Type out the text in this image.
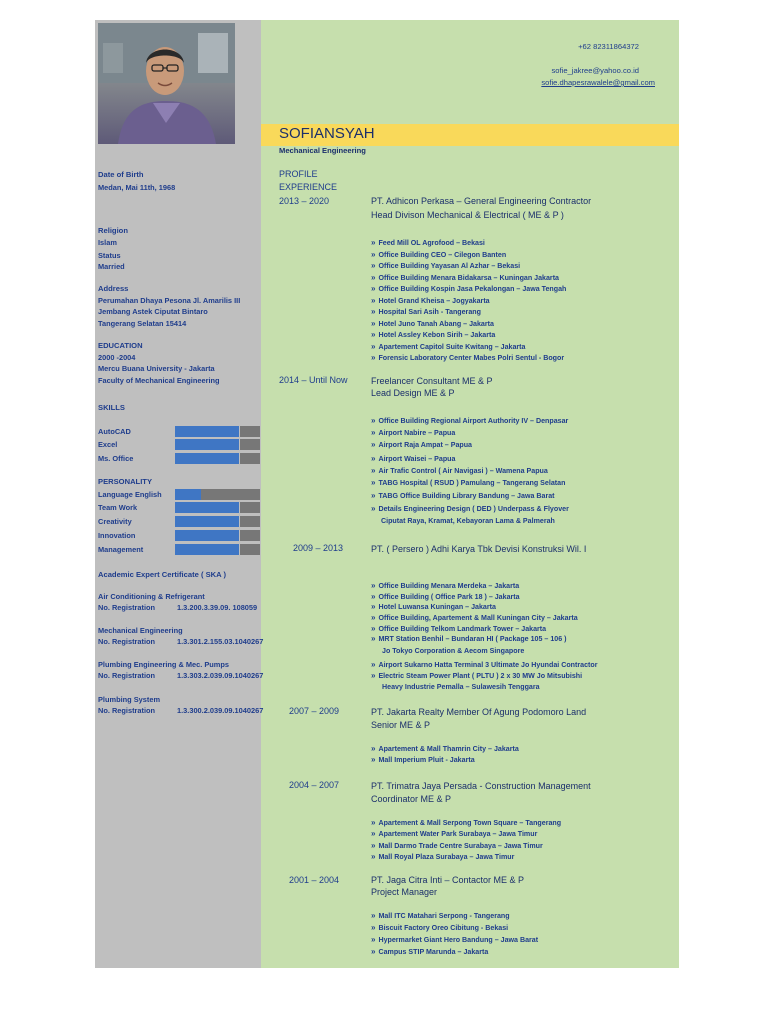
Date of Birth
Medan, Mai 11th, 1968
Religion
Islam
Status
Married
Address
Perumahan Dhaya Pesona Jl. Amarilis III
Jembang Astek Ciputat Bintaro
Tangerang Selatan 15414
EDUCATION
2000 -2004
Mercu Buana University - Jakarta
Faculty of Mechanical Engineering
SKILLS
PERSONALITY
Academic Expert Certificate ( SKA )
AutoCAD
Excel
Ms. Office
Language English
Team Work
Creativity
Innovation
Management
Air Conditioning & Refrigerant
No. Registration	1.3.200.3.39.09. 108059
Mechanical Engineering
No. Registration	1.3.301.2.155.03.1040267
Plumbing Engineering & Mec. Pumps
No. Registration	1.3.303.2.039.09.1040267
Plumbing System
No. Registration	1.3.300.2.039.09.1040267
SOFIANSYAH
Mechanical Engineering
+62 82311864372
sofie_jakree@yahoo.co.id
sofie.dhapesrawalele@gmail.com
PROFILE
EXPERIENCE
2013 – 2020	PT. Adhicon Perkasa – General Engineering Contractor
Head Divison Mechanical & Electrical ( ME & P )
» Feed Mill OL Agrofood – Bekasi
» Office Building CEO – Cilegon Banten
» Office Building Yayasan Al Azhar – Bekasi
» Office Building Menara Bidakarsa – Kuningan Jakarta
» Office Building Kospin Jasa Pekalongan – Jawa Tengah
» Hotel Grand Kheisa – Jogyakarta
» Hospital Sari Asih - Tangerang
» Hotel Juno Tanah Abang – Jakarta
» Hotel Assley Kebon Sirih – Jakarta
» Apartement Capitol Suite Kwitang – Jakarta
» Forensic Laboratory Center Mabes Polri Sentul - Bogor
2014 – Until Now	Freelancer Consultant ME & P
Lead Design ME & P
» Office Building Regional Airport Authority IV – Denpasar
» Airport Nabire – Papua
» Airport Raja Ampat – Papua
» Airport Waisei – Papua
» Air Trafic Control ( Air Navigasi ) – Wamena Papua
» TABG Hospital ( RSUD ) Pamulang – Tangerang Selatan
» TABG Office Building Library Bandung – Jawa Barat
» Details Engineering Design ( DED ) Underpass & Flyover
Ciputat Raya, Kramat, Kebayoran Lama & Palmerah
2009 – 2013	PT. ( Persero ) Adhi Karya Tbk Devisi Konstruksi Wil. I
» Office Building Menara Merdeka – Jakarta
» Office Building ( Office Park 18 ) – Jakarta
» Hotel Luwansa Kuningan – Jakarta
» Office Building, Apartement & Mall Kuningan City – Jakarta
» Office Building Telkom Landmark Tower – Jakarta
» MRT Station Benhil – Bundaran HI ( Package 105 – 106 )
Jo Tokyo Corporation & Aecom Singapore
» Airport Sukarno Hatta Terminal 3 Ultimate Jo Hyundai Contractor
» Electric Steam Power Plant ( PLTU ) 2 x 30 MW Jo Mitsubishi
Heavy Industrie Pemalla – Sulawesih Tenggara
2007 – 2009	PT. Jakarta Realty Member Of Agung Podomoro Land
Senior ME & P
» Apartement & Mall Thamrin City – Jakarta
» Mall Imperium Pluit - Jakarta
2004 – 2007	PT. Trimatra Jaya Persada - Construction Management
Coordinator ME & P
» Apartement & Mall Serpong Town Square – Tangerang
» Apartement Water Park Surabaya – Jawa Timur
» Mall Darmo Trade Centre Surabaya – Jawa Timur
» Mall Royal Plaza Surabaya – Jawa Timur
2001 – 2004	PT. Jaga Citra Inti – Contactor ME & P
Project Manager
» Mall ITC Matahari Serpong - Tangerang
» Biscuit Factory Oreo Cibitung - Bekasi
» Hypermarket Giant Hero Bandung – Jawa Barat
» Campus STIP Marunda – Jakarta
